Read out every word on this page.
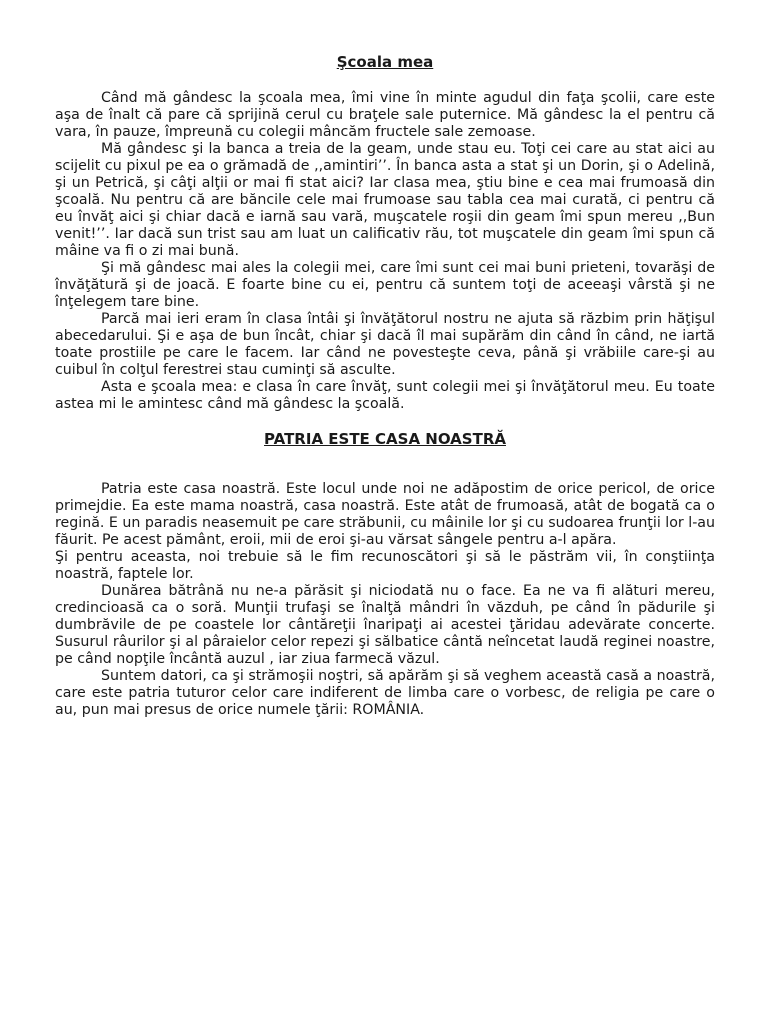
Şcoala mea

Când mă gândesc la şcoala mea, îmi vine în minte agudul din faţa şcolii, care este aşa de înalt că pare că sprijină cerul cu braţele sale puternice. Mă gândesc la el pentru că vara, în pauze, împreună cu colegii mâncăm fructele sale zemoase.

Mă gândesc şi la banca a treia de la geam, unde stau eu. Toţi cei care au stat aici au scijelit cu pixul pe ea o grămadă de ,,amintiri’’. În banca asta a stat şi un Dorin, şi o Adelină, şi un Petrică, şi câţi alţii or mai fi stat aici? Iar clasa mea, ştiu bine e cea mai frumoasă din şcoală. Nu pentru că are băncile cele mai frumoase sau tabla cea mai curată, ci pentru că eu învăţ aici şi chiar dacă e iarnă sau vară, muşcatele roşii din geam îmi spun mereu ,,Bun venit!’’. Iar dacă sun trist sau am luat un calificativ rău, tot muşcatele din geam îmi spun că mâine va fi o zi mai bună.

Şi mă gândesc mai ales la colegii mei, care îmi sunt cei mai buni prieteni, tovarăşi de învăţătură şi de joacă. E foarte bine cu ei, pentru că suntem toţi de aceeaşi vârstă şi ne înţelegem tare bine.

Parcă mai ieri eram în clasa întâi şi învăţătorul nostru ne ajuta să răzbim prin hăţişul abecedarului. Şi e aşa de bun încât, chiar şi dacă îl mai supărăm din când în când, ne iartă toate prostiile pe care le facem. Iar când ne povesteşte ceva, până şi vrăbiile care-şi au cuibul în colţul ferestrei stau cuminţi să asculte.

Asta e şcoala mea: e clasa în care învăţ, sunt colegii mei şi învăţătorul meu. Eu toate astea mi le amintesc când mă gândesc la şcoală.

PATRIA ESTE CASA NOASTRĂ

Patria este casa noastră. Este locul unde noi ne adăpostim de orice pericol, de orice primejdie. Ea este mama noastră, casa noastră. Este atât de frumoasă, atât de bogată ca o regină. E un paradis neasemuit pe care străbunii, cu mâinile lor şi cu sudoarea frunţii lor l-au făurit. Pe acest pământ, eroii, mii de eroi şi-au vărsat sângele pentru a-l apăra.

Şi pentru aceasta, noi trebuie să le fim recunoscători şi să le păstrăm vii, în conştiinţa noastră, faptele lor.

Dunărea bătrână nu ne-a părăsit şi niciodată nu o face. Ea ne va fi alături mereu, credincioasă ca o soră. Munţii trufaşi se înalţă mândri în văzduh, pe când în pădurile şi dumbrăvile de pe coastele lor cântăreţii înaripaţi ai acestei ţăridau adevărate concerte. Susurul râurilor şi al pâraielor celor repezi şi sălbatice cântă neîncetat laudă reginei noastre, pe când nopţile încântă auzul , iar ziua farmecă văzul.

Suntem datori, ca şi strămoşii noştri, să apărăm şi să veghem această casă a noastră, care este patria tuturor celor care indiferent de limba care o vorbesc, de religia pe care o au, pun mai presus de orice numele ţării: ROMÂNIA.
